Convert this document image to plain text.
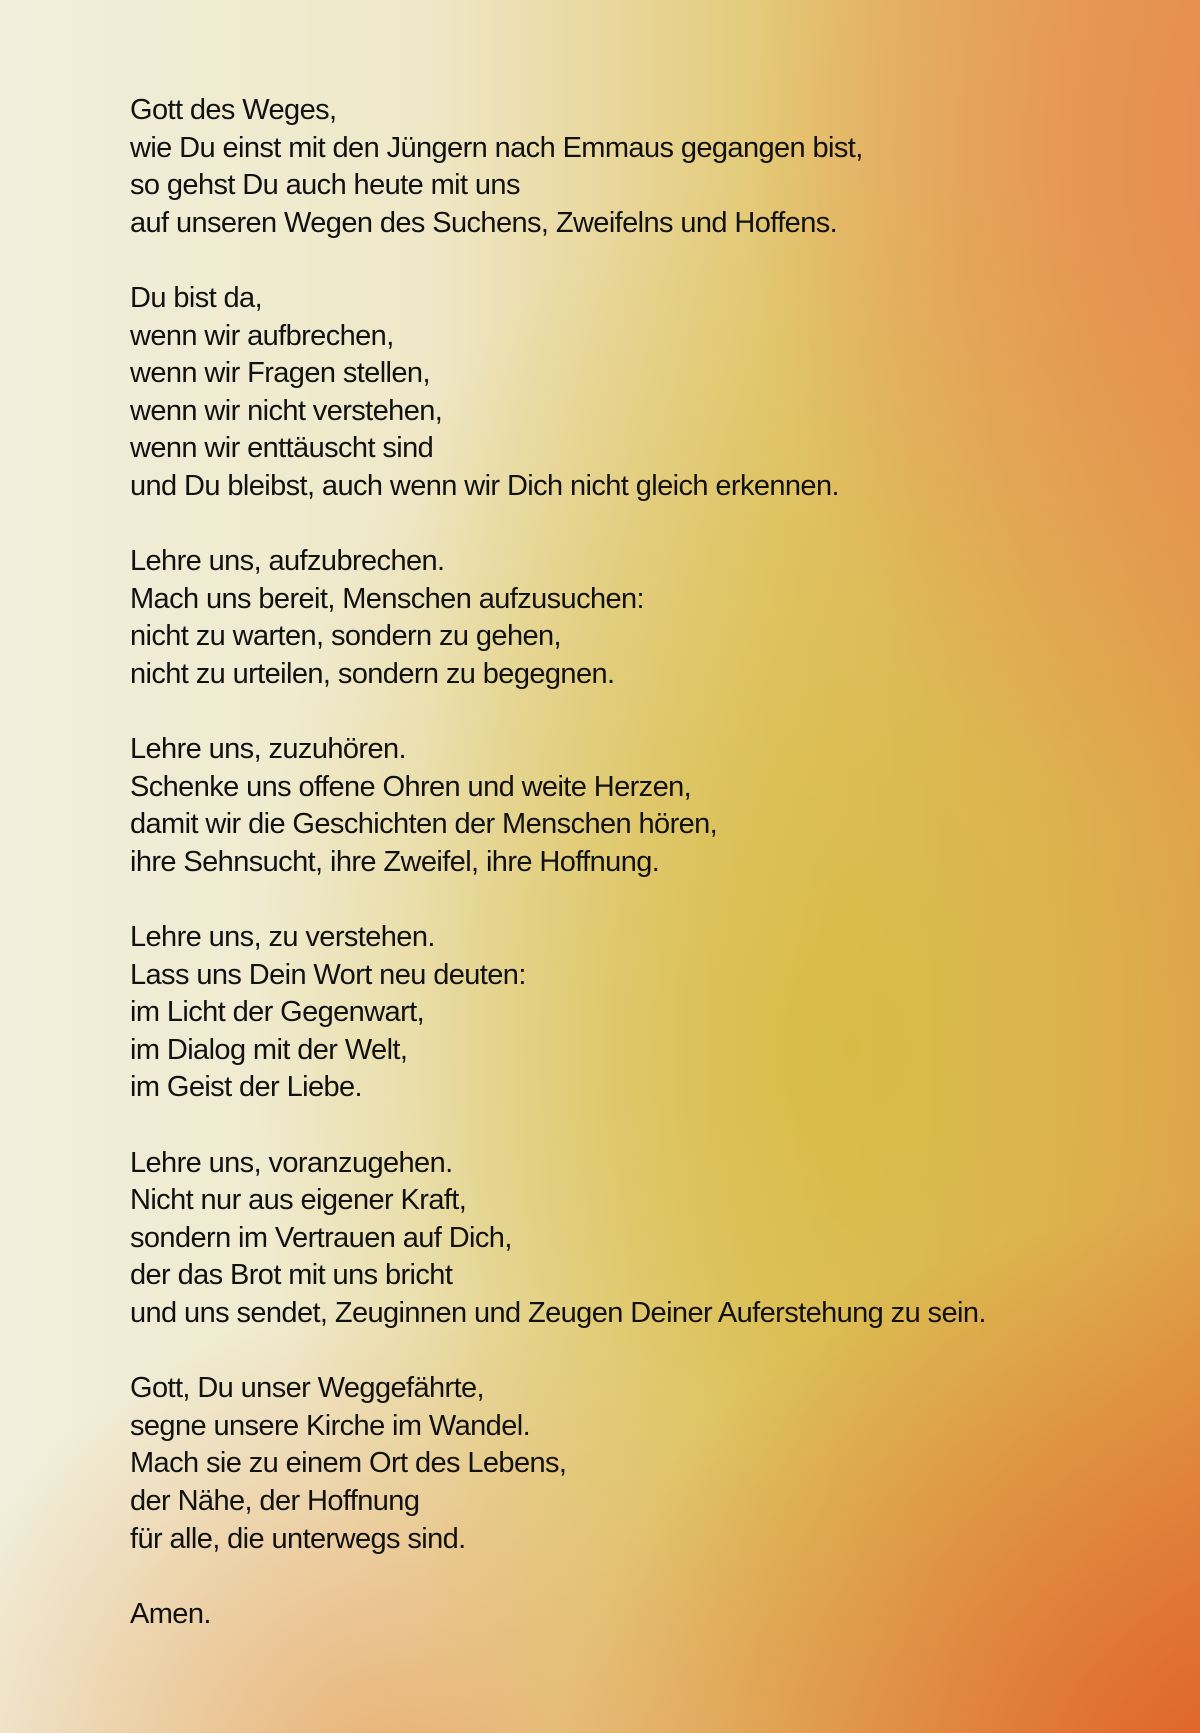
Gott des Weges,
wie Du einst mit den Jüngern nach Emmaus gegangen bist,
so gehst Du auch heute mit uns
auf unseren Wegen des Suchens, Zweifelns und Hoffens.
Du bist da,
wenn wir aufbrechen,
wenn wir Fragen stellen,
wenn wir nicht verstehen,
wenn wir enttäuscht sind
und Du bleibst, auch wenn wir Dich nicht gleich erkennen.
Lehre uns, aufzubrechen.
Mach uns bereit, Menschen aufzusuchen:
nicht zu warten, sondern zu gehen,
nicht zu urteilen, sondern zu begegnen.
Lehre uns, zuzuhören.
Schenke uns offene Ohren und weite Herzen,
damit wir die Geschichten der Menschen hören,
ihre Sehnsucht, ihre Zweifel, ihre Hoffnung.
Lehre uns, zu verstehen.
Lass uns Dein Wort neu deuten:
im Licht der Gegenwart,
im Dialog mit der Welt,
im Geist der Liebe.
Lehre uns, voranzugehen.
Nicht nur aus eigener Kraft,
sondern im Vertrauen auf Dich,
der das Brot mit uns bricht
und uns sendet, Zeuginnen und Zeugen Deiner Auferstehung zu sein.
Gott, Du unser Weggefährte,
segne unsere Kirche im Wandel.
Mach sie zu einem Ort des Lebens,
der Nähe, der Hoffnung
für alle, die unterwegs sind.
Amen.
